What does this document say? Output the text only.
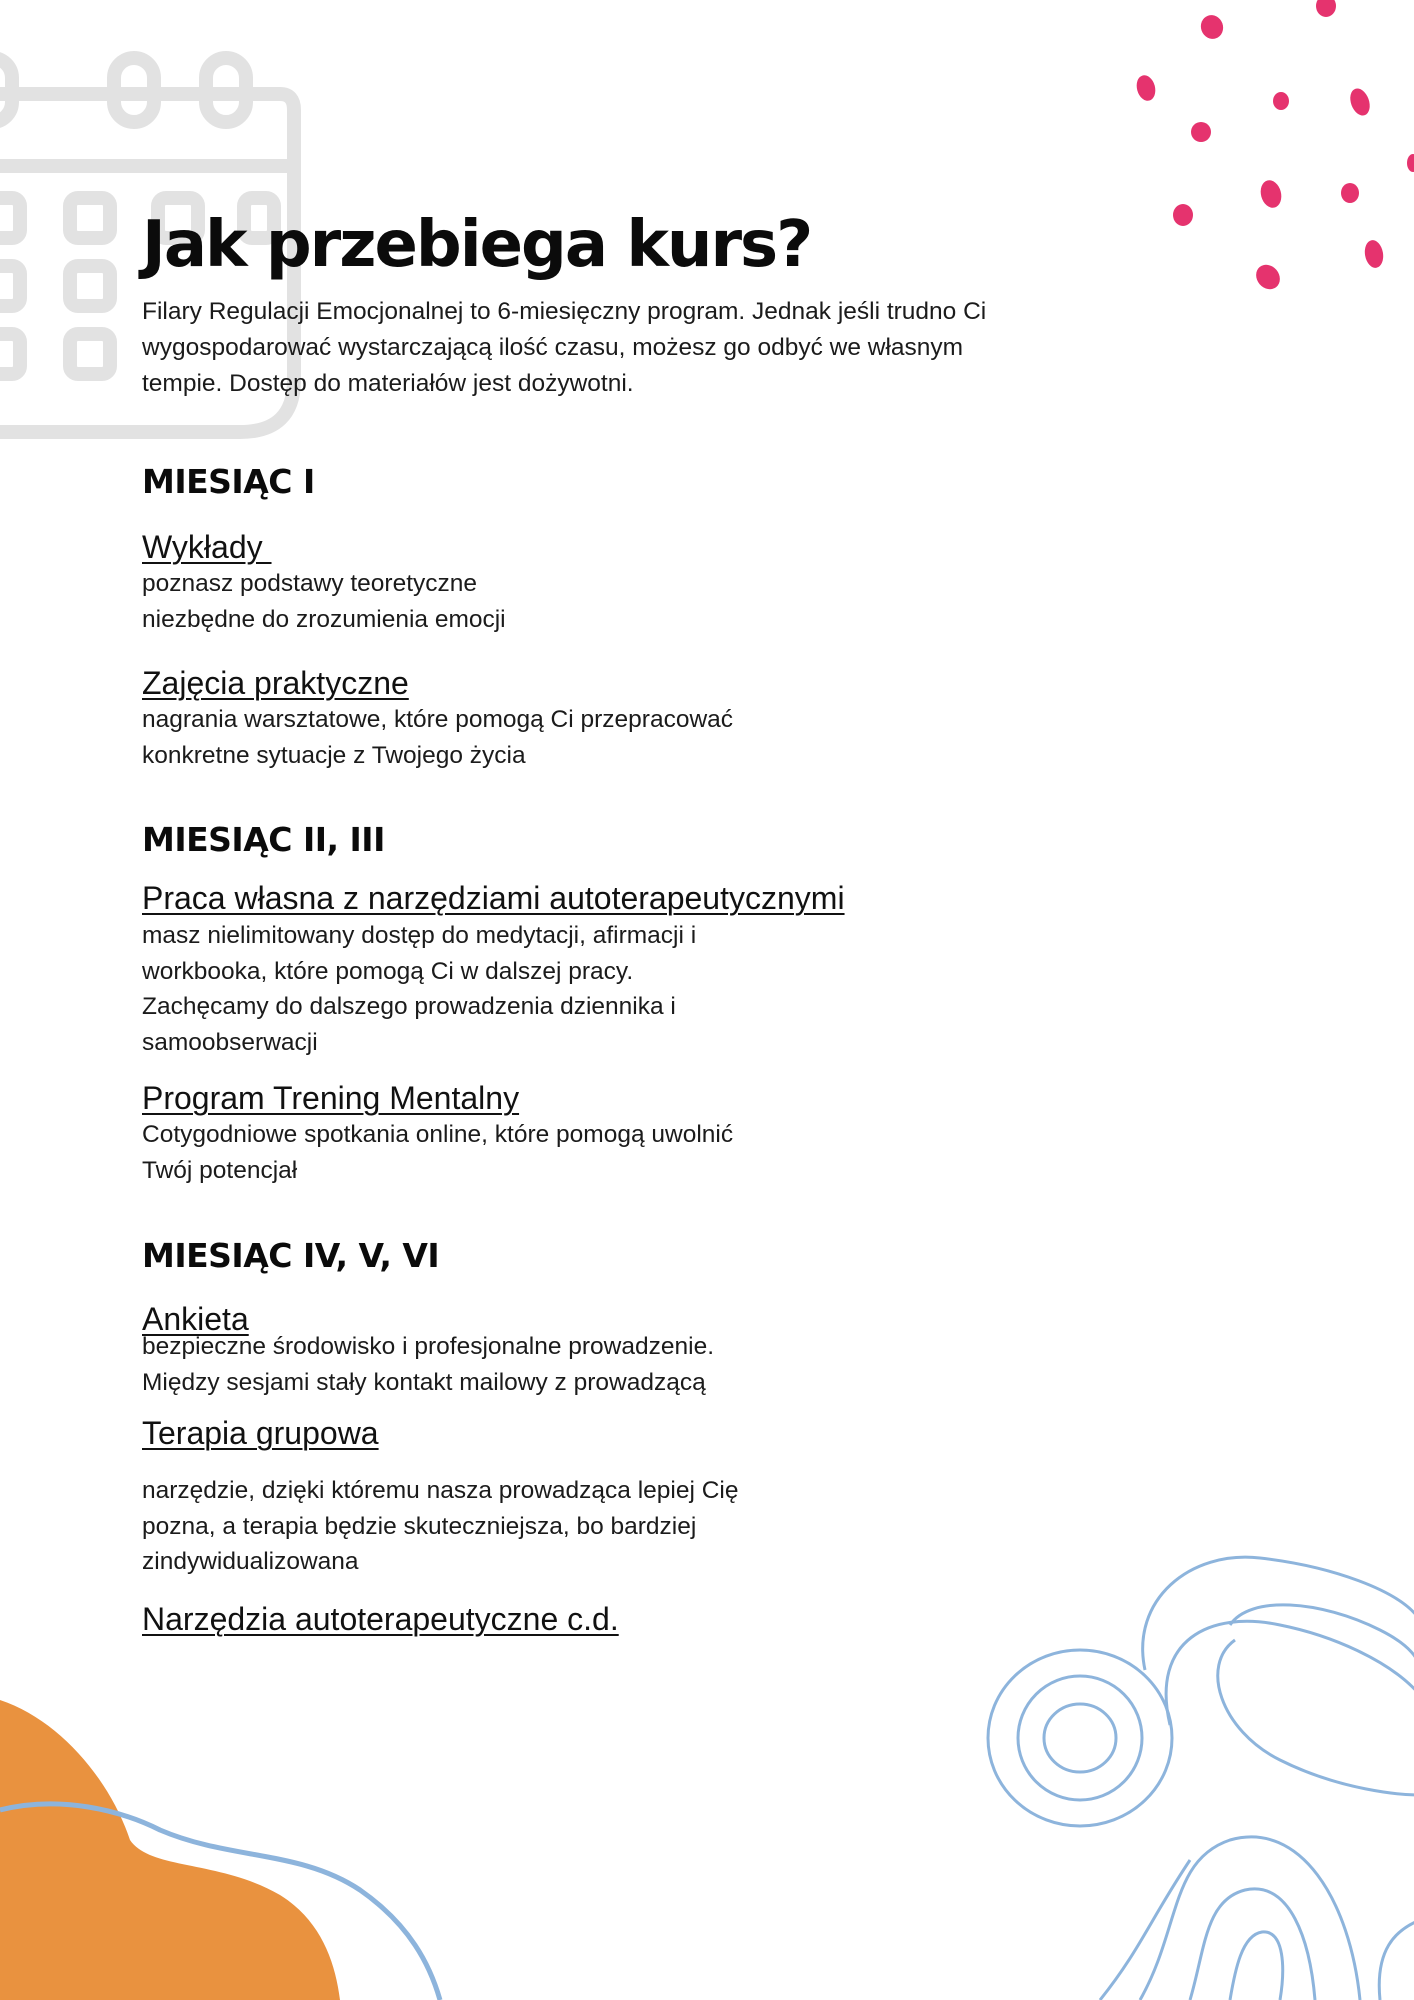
Jak przebiega kurs?

Filary Regulacji Emocjonalnej to 6-miesięczny program. Jednak jeśli trudno Ci
wygospodarować wystarczającą ilość czasu, możesz go odbyć we własnym
tempie. Dostęp do materiałów jest dożywotni.

MIESIĄC I
Wykłady
poznasz podstawy teoretyczne
niezbędne do zrozumienia emocji
Zajęcia praktyczne
nagrania warsztatowe, które pomogą Ci przepracować
konkretne sytuacje z Twojego życia
MIESIĄC II, III
Praca własna z narzędziami autoterapeutycznymi
masz nielimitowany dostęp do medytacji, afirmacji i
workbooka, które pomogą Ci w dalszej pracy.
Zachęcamy do dalszego prowadzenia dziennika i
samoobserwacji
Program Trening Mentalny
Cotygodniowe spotkania online, które pomogą uwolnić
Twój potencjał
MIESIĄC IV, V, VI
Ankieta
bezpieczne środowisko i profesjonalne prowadzenie.
Między sesjami stały kontakt mailowy z prowadzącą
Terapia grupowa
narzędzie, dzięki któremu nasza prowadząca lepiej Cię
pozna, a terapia będzie skuteczniejsza, bo bardziej
zindywidualizowana
Narzędzia autoterapeutyczne c.d.
